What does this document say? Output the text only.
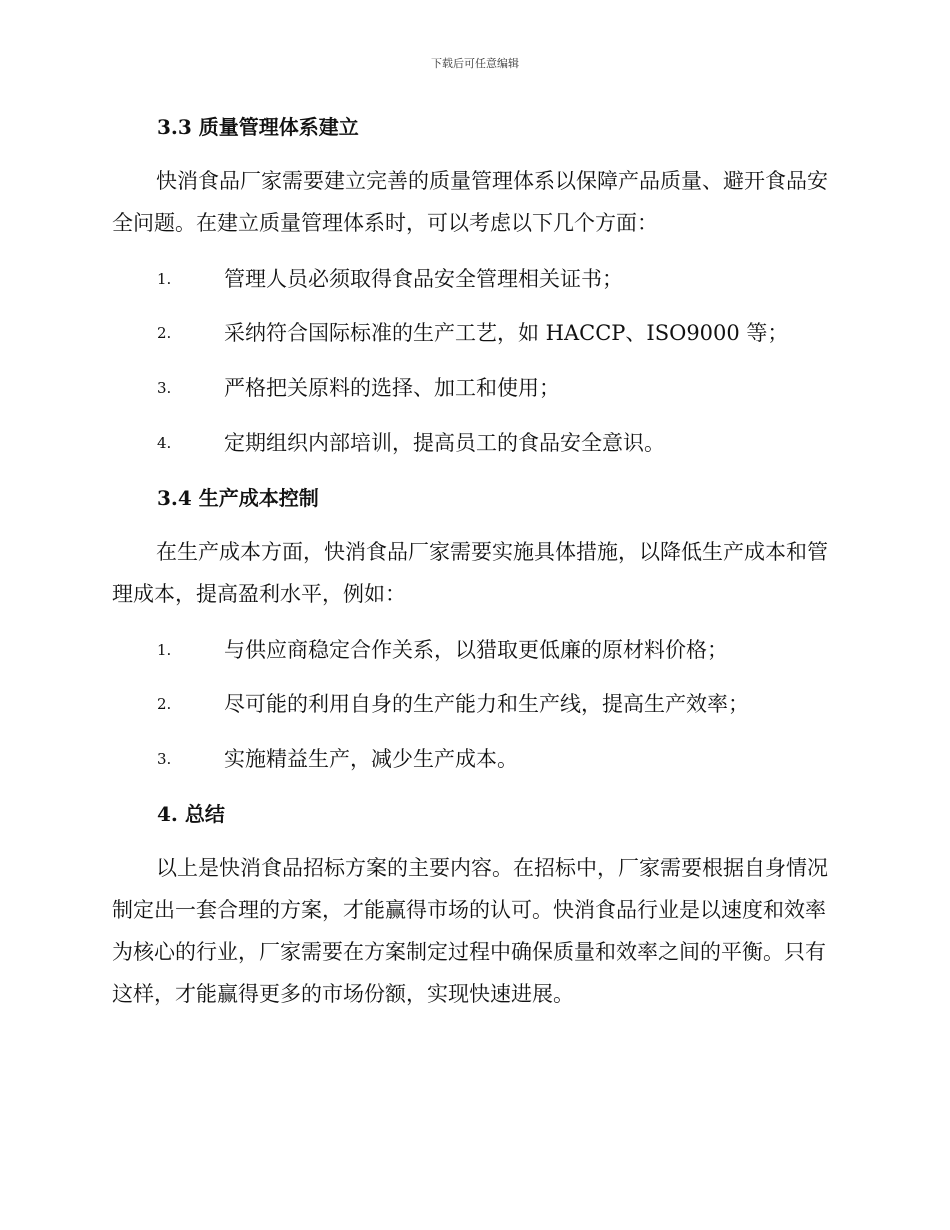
下载后可任意编辑
3.3 质量管理体系建立

快消食品厂家需要建立完善的质量管理体系以保障产品质量、避开食品安全问题。在建立质量管理体系时，可以考虑以下几个方面：

1.	管理人员必须取得食品安全管理相关证书；
2.	采纳符合国际标准的生产工艺，如 HACCP、ISO9000 等；
3.	严格把关原料的选择、加工和使用；
4.	定期组织内部培训，提高员工的食品安全意识。
3.4 生产成本控制

在生产成本方面，快消食品厂家需要实施具体措施，以降低生产成本和管理成本，提高盈利水平，例如：

1.	与供应商稳定合作关系，以猎取更低廉的原材料价格；
2.	尽可能的利用自身的生产能力和生产线，提高生产效率；
3.	实施精益生产，减少生产成本。
4. 总结

以上是快消食品招标方案的主要内容。在招标中，厂家需要根据自身情况制定出一套合理的方案，才能赢得市场的认可。快消食品行业是以速度和效率为核心的行业，厂家需要在方案制定过程中确保质量和效率之间的平衡。只有这样，才能赢得更多的市场份额，实现快速进展。
